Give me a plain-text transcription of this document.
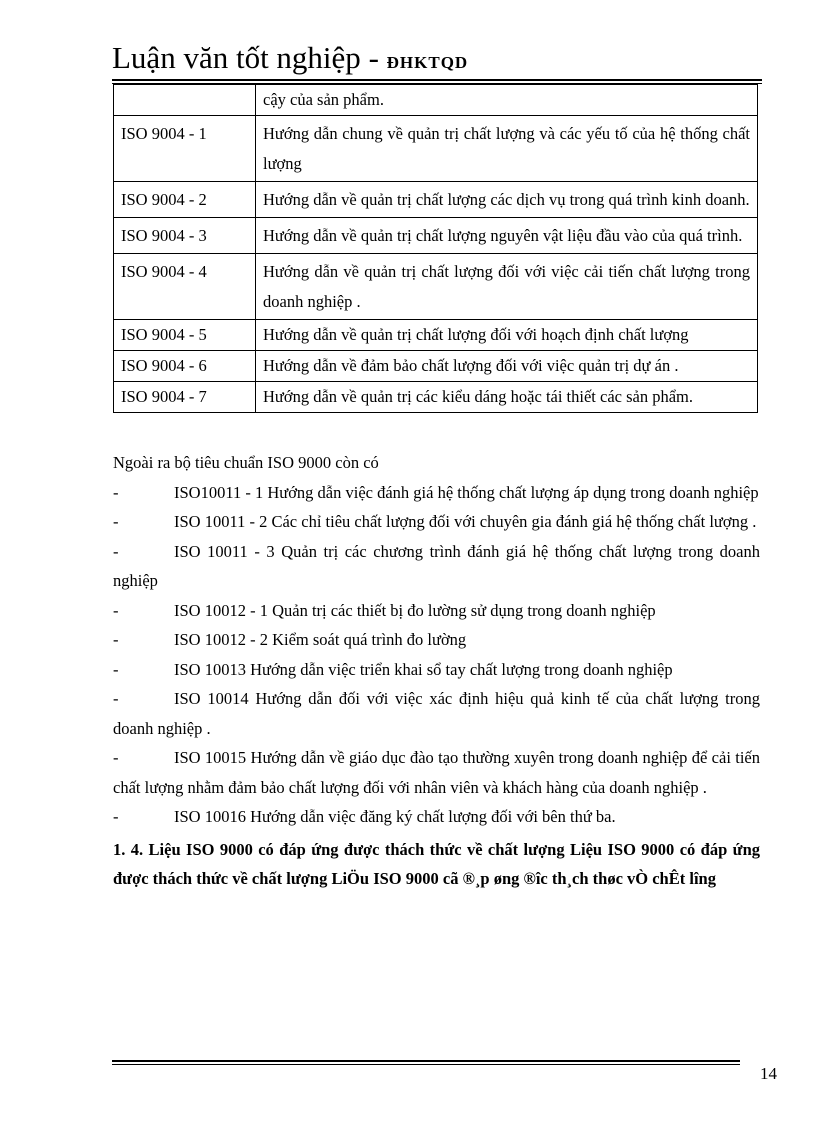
Luận văn tốt nghiệp - ĐHKTQD
	cậy của sản phẩm.
ISO 9004 - 1	Hướng dẫn chung về quản trị chất lượng và các yếu tố của hệ thống chất lượng
ISO 9004 - 2	Hướng dẫn về quản trị chất lượng các dịch vụ trong quá trình kinh doanh.
ISO 9004 - 3	Hướng dẫn về quản trị chất lượng nguyên vật liệu đầu vào của quá trình.
ISO 9004 - 4	Hướng dẫn về quản trị chất lượng đối với việc cải tiến chất lượng trong doanh nghiệp .
ISO 9004 - 5	Hướng dẫn về quản trị chất lượng đối với hoạch định chất lượng
ISO 9004 - 6	Hướng dẫn về đảm bảo chất lượng đối với việc quản trị dự án .
ISO 9004 - 7	Hướng dẫn về quản trị các kiểu dáng hoặc tái thiết các sản phẩm.

Ngoài ra bộ tiêu chuẩn ISO 9000 còn có

-	ISO10011 - 1 Hướng dẫn việc đánh giá hệ thống chất lượng áp dụng trong doanh nghiệp

-	ISO 10011 - 2 Các chỉ tiêu chất lượng đối với chuyên gia đánh giá hệ thống chất lượng .

-	ISO 10011 - 3 Quản trị các chương trình đánh giá hệ thống chất lượng trong doanh nghiệp

-	ISO 10012 - 1 Quản trị các thiết bị đo lường sử dụng trong doanh nghiệp

-	ISO 10012 - 2 Kiểm soát quá trình đo lường

-	ISO 10013 Hướng dẫn việc triển khai sổ tay chất lượng trong doanh nghiệp

-	ISO 10014 Hướng dẫn đối với việc xác định hiệu quả kinh tế của chất lượng trong doanh nghiệp .

-	ISO 10015 Hướng dẫn về giáo dục đào tạo thường xuyên trong doanh nghiệp để cải tiến chất lượng nhằm đảm bảo chất lượng đối với nhân viên và khách hàng của doanh nghiệp .

-	ISO 10016 Hướng dẫn việc đăng ký chất lượng đối với bên thứ ba.

1. 4. Liệu ISO 9000 có đáp ứng được thách thức về chất lượng Liệu ISO 9000 có đáp ứng được thách thức về chất lượng LiÖu ISO 9000 cã ®¸p øng ®îc th¸ch thøc vÒ chÊt lîng

14
